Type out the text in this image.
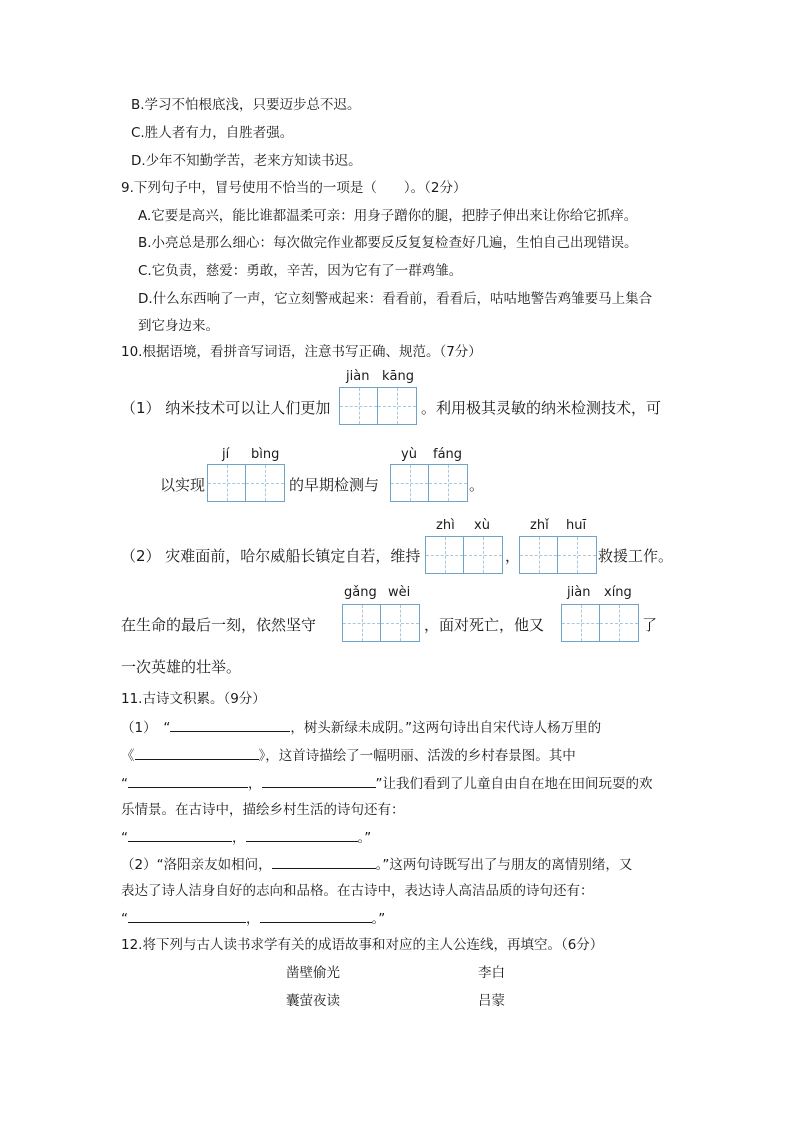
B.学习不怕根底浅，只要迈步总不迟。
C.胜人者有力，自胜者强。
D.少年不知勤学苦，老来方知读书迟。
9.下列句子中，冒号使用不恰当的一项是（　　）。（2分）
A.它要是高兴，能比谁都温柔可亲：用身子蹭你的腿，把脖子伸出来让你给它抓痒。
B.小亮总是那么细心：每次做完作业都要反反复复检查好几遍，生怕自己出现错误。
C.它负责，慈爱：勇敢，辛苦，因为它有了一群鸡雏。
D.什么东西响了一声，它立刻警戒起来：看看前，看看后，咕咕地警告鸡雏要马上集合
到它身边来。
10.根据语境，看拼音写词语，注意书写正确、规范。（7分）
jiàn kāng
（1） 纳米技术可以让人们更加	。利用极其灵敏的纳米检测技术，可
jí bìng	yù fáng
以实现	的早期检测与	。
zhì xù	zhǐ huī
（2） 灾难面前，哈尔威船长镇定自若，维持	，	救援工作。
gǎng wèi	jiàn xíng
在生命的最后一刻，依然坚守	，面对死亡，他又	了
一次英雄的壮举。
11.古诗文积累。（9分）
（1）　“	，树头新绿未成阴。”这两句诗出自宋代诗人杨万里的
《	》，这首诗描绘了一幅明丽、活泼的乡村春景图。其中
“	，	”让我们看到了儿童自由自在地在田间玩耍的欢
乐情景。在古诗中，描绘乡村生活的诗句还有：
“	，	。”
（2）“洛阳亲友如相问，	。”这两句诗既写出了与朋友的离情别绪，又
表达了诗人洁身自好的志向和品格。在古诗中，表达诗人高洁品质的诗句还有：
“	，	。”
12.将下列与古人读书求学有关的成语故事和对应的主人公连线，再填空。（6分）
凿壁偷光	李白
囊萤夜读	吕蒙
